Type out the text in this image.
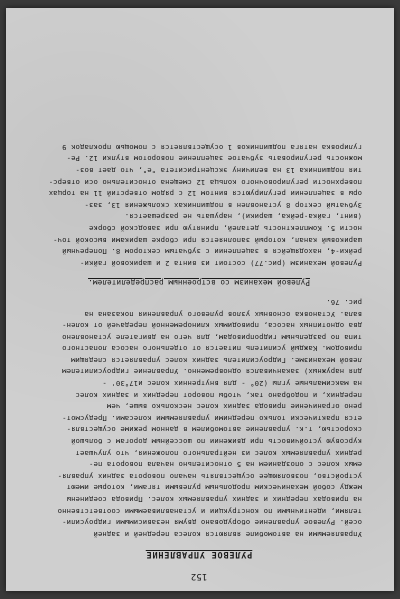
152
РУЛЕВОЕ УПРАВЛЕНИЕ
Управляемыми на автомобиле являются колеса передней и задней
осей. Рулевое управление оборудовано двумя независимыми гидроусили-
телями, идентичными по конструкции и устанавливаемыми соответственно
на приводах передних и задних управляемых колес. Привода соединены
между собой механическим продольным рулевыми тягами, которые имеют
устройство, позволяющее осуществлять начало поворота задних управля-
емых колес с опозданием на 5 относительно начала поворота пе-
редних управляемых колес из нейтрального положения, что улучшает
курсовую устойчивость при движении по шоссейным дорогам с большой
скоростью, т.к. управление автомобилем в данном режиме осуществля-
ется практически только передними управляемыми колесами. Предусмот-
рено ограничение привода задних колес несколько выше, чем
передних, и подобрано так, чтобы поворот передних и задних колес
на максимальные углы (20° - для внутренних колес и17°30' -
для наружных) заканчивался одновременно. Управление гидроусилителем
левой механизме. Гидроусилитель задних колес управляется следящим
приводом. Каждый усилитель питается от отдельного насоса лопастного
типа по раздельным гидроприводам, для чего на двигателе установлено
два однотипных насоса, приводимых клиноременной передачей от колен-
вала. Установка основных узлов рулевого управления показана на
рис. 76.
Рулевой механизм со встроенным распределителем.
Рулевой механизм (рис.77) состоит из винта 2 и шариковой гайки-
рейки-4, находящейся в зацеплении с зубчатым сектором 8. Поперечный
шариковый канал, который заполняется при сборке шариками высокой точ-
ности 5. Комплектность деталей, принятую при заводской сборке
(винт, гайка-рейка, шарики), нарушать не разрешается.
Зубчатый сектор 8 установлен в подшипниках скольжения 13, заз-
оры в зацеплении регулируются винтом 12 с рядом отверстий 11 на торцах
поверхности регулировочного кольца 12 смещена относительно оси отверс-
тия подшипника 13 на величину эксцентриситета "e", что дает воз-
можность регулировать зубчатое зацепление поворотом втулки 12. Ре-
гулировка натяга подшипников 1 осуществляется с помощью прокладок 9
